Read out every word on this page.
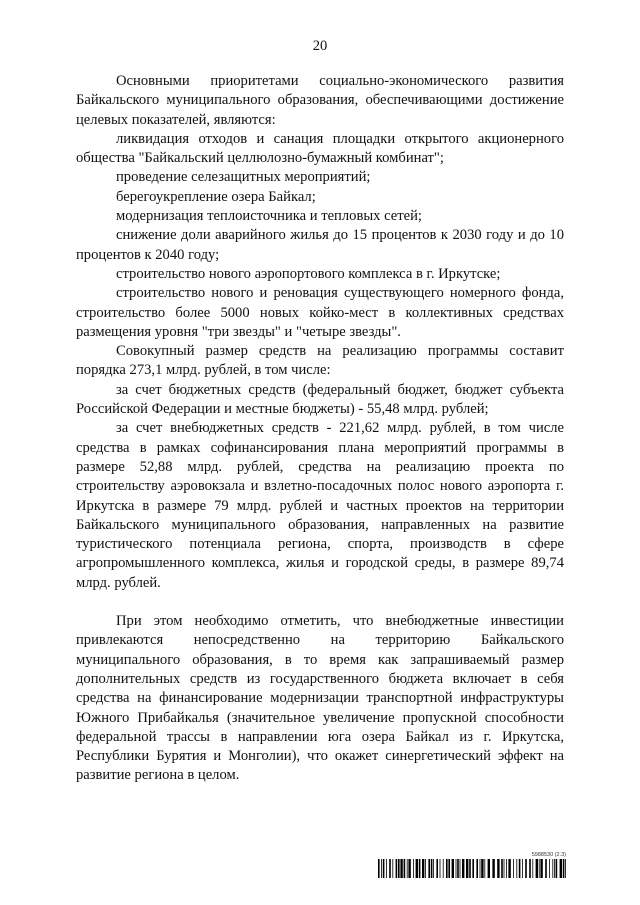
20

Основными приоритетами социально-экономического развития Байкальского муниципального образования, обеспечивающими достижение целевых показателей, являются:

ликвидация отходов и санация площадки открытого акционерного общества "Байкальский целлюлозно-бумажный комбинат";

проведение селезащитных мероприятий;

берегоукрепление озера Байкал;

модернизация теплоисточника и тепловых сетей;

снижение доли аварийного жилья до 15 процентов к 2030 году и до 10 процентов к 2040 году;

строительство нового аэропортового комплекса в г. Иркутске;

строительство нового и реновация существующего номерного фонда, строительство более 5000 новых койко-мест в коллективных средствах размещения уровня "три звезды" и "четыре звезды".

Совокупный размер средств на реализацию программы составит порядка 273,1 млрд. рублей, в том числе:

за счет бюджетных средств (федеральный бюджет, бюджет субъекта Российской Федерации и местные бюджеты) - 55,48 млрд. рублей;

за счет внебюджетных средств - 221,62 млрд. рублей, в том числе средства в рамках софинансирования плана мероприятий программы в размере 52,88 млрд. рублей, средства на реализацию проекта по строительству аэровокзала и взлетно-посадочных полос нового аэропорта г. Иркутска в размере 79 млрд. рублей и частных проектов на территории Байкальского муниципального образования, направленных на развитие туристического потенциала региона, спорта, производств в сфере агропромышленного комплекса, жилья и городской среды, в размере 89,74 млрд. рублей.

При этом необходимо отметить, что внебюджетные инвестиции привлекаются непосредственно на территорию Байкальского муниципального образования, в то время как запрашиваемый размер дополнительных средств из государственного бюджета включает в себя средства на финансирование модернизации транспортной инфраструктуры Южного Прибайкалья (значительное увеличение пропускной способности федеральной трассы в направлении юга озера Байкал из г. Иркутска, Республики Бурятия и Монголии), что окажет синергетический эффект на развитие региона в целом.

5988530 (2.3)
